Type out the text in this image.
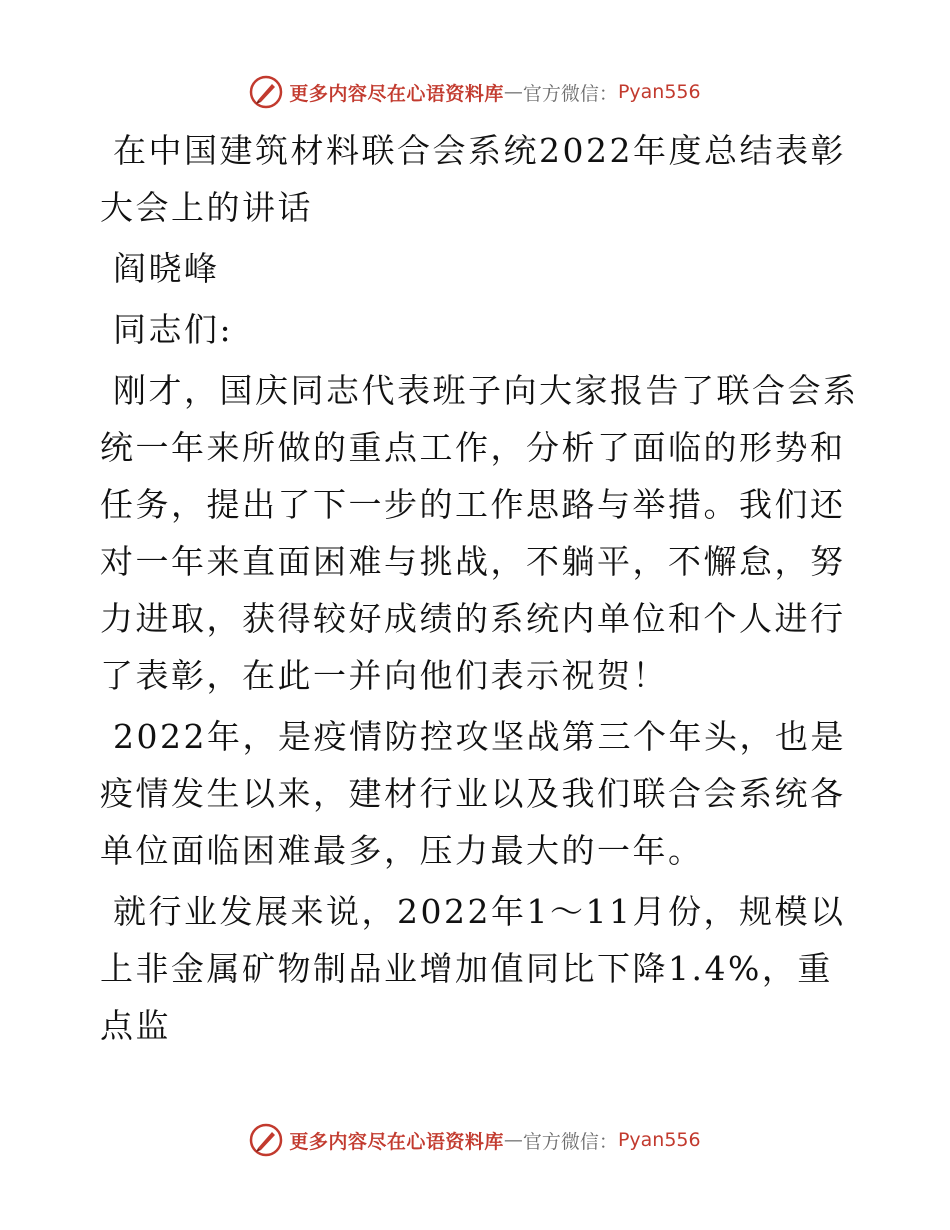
更多内容尽在心语资料库 — 官方微信： Pyan556

在中国建筑材料联合会系统2022年度总结表彰大会上的讲话

阎晓峰

同志们:

刚才，国庆同志代表班子向大家报告了联合会系统一年来所做的重点工作，分析了面临的形势和任务，提出了下一步的工作思路与举措。我们还对一年来直面困难与挑战，不躺平，不懈怠，努力进取，获得较好成绩的系统内单位和个人进行了表彰，在此一并向他们表示祝贺！

2022年，是疫情防控攻坚战第三个年头，也是疫情发生以来，建材行业以及我们联合会系统各单位面临困难最多，压力最大的一年。

就行业发展来说，2022年1～11月份，规模以上非金属矿物制品业增加值同比下降1.4%，重点监

更多内容尽在心语资料库 — 官方微信： Pyan556
